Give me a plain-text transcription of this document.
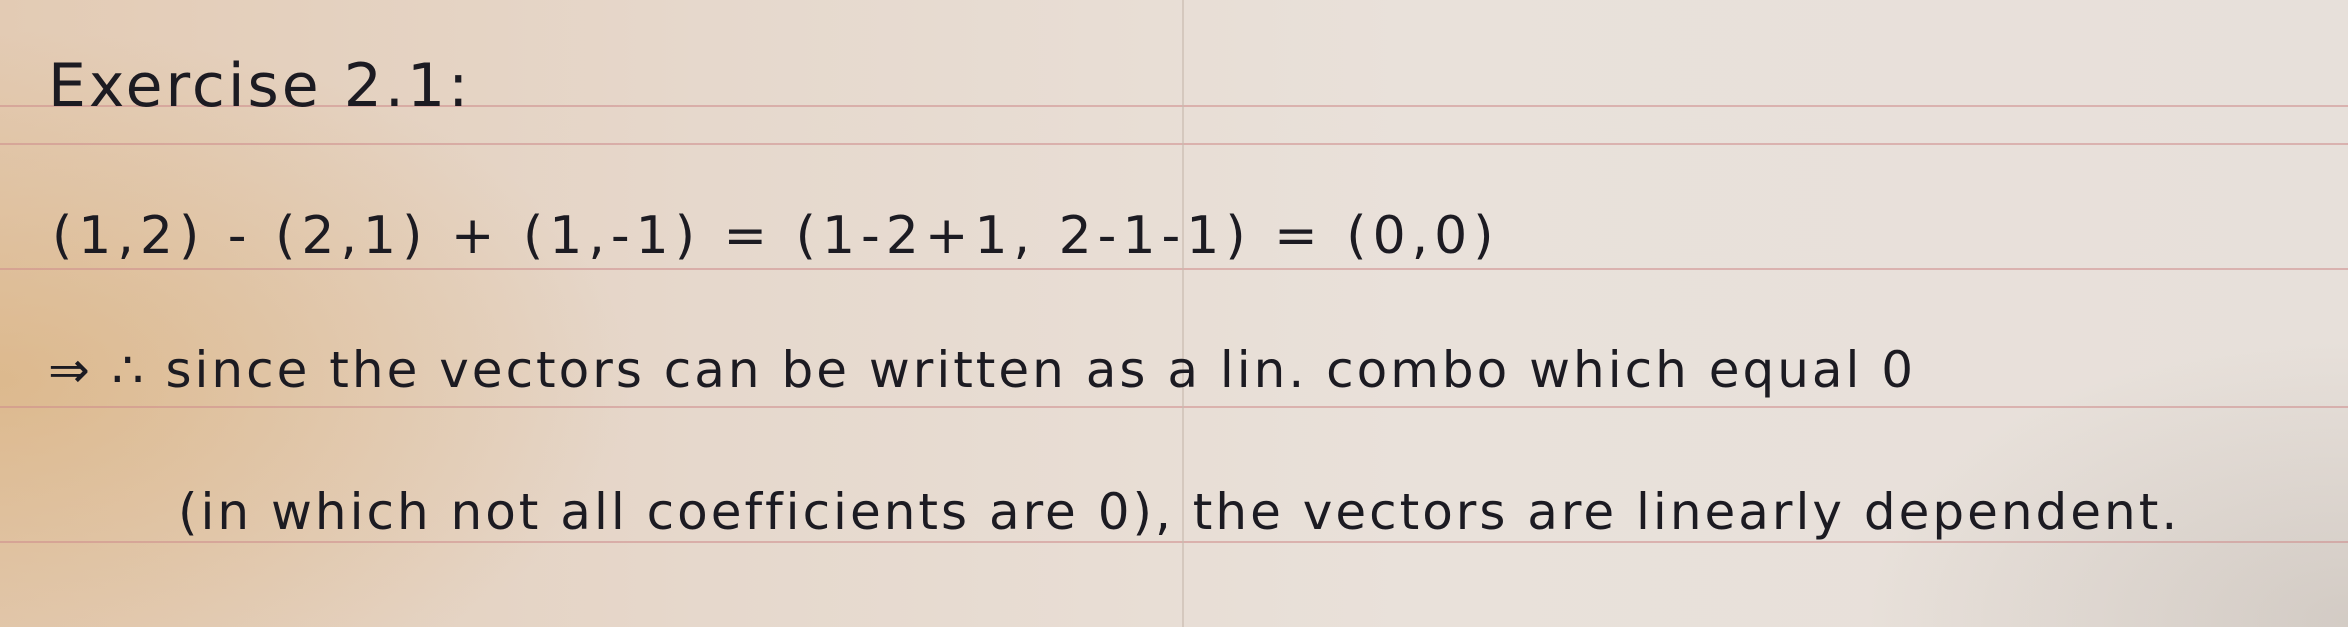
Exercise 2.1:
(1,2) - (2,1) + (1,-1) = (1-2+1, 2-1-1) = (0,0)
⇒ ∴ since the vectors can be written as a lin. combo which equal 0
(in which not all coefficients are 0), the vectors are linearly dependent.
